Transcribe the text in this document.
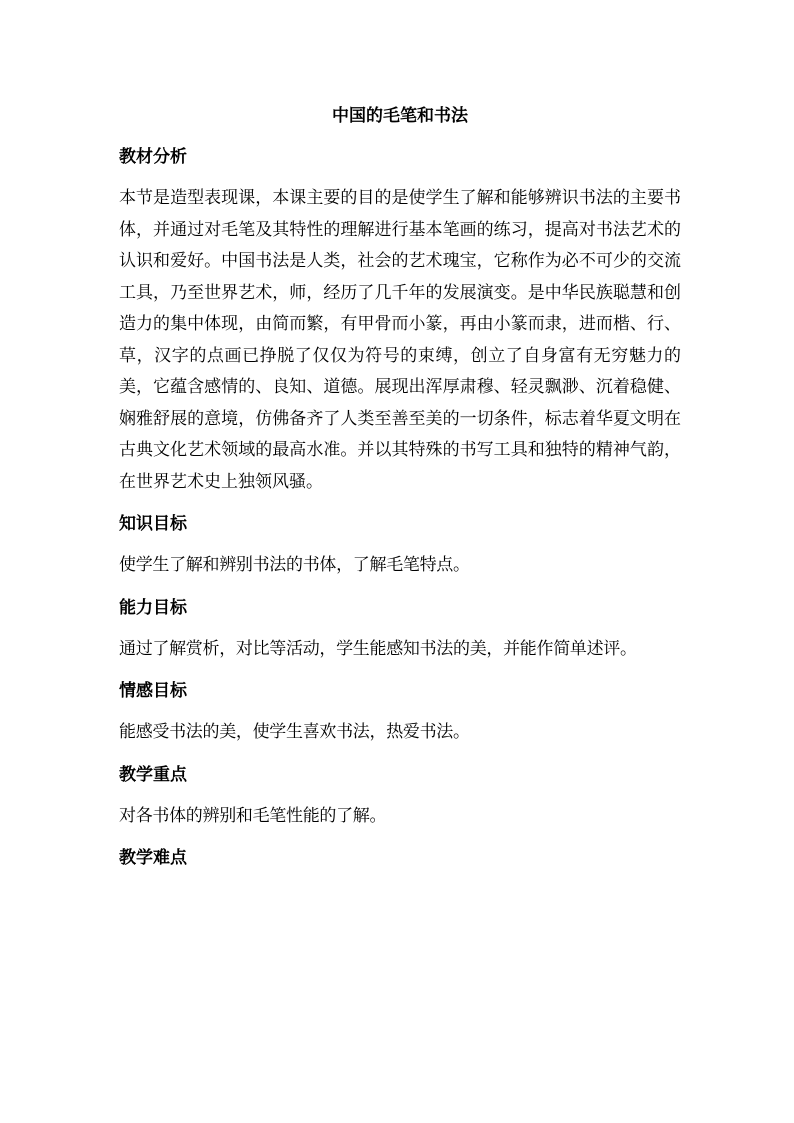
中国的毛笔和书法
教材分析
本节是造型表现课，本课主要的目的是使学生了解和能够辨识书法的主要书体，并通过对毛笔及其特性的理解进行基本笔画的练习，提高对书法艺术的认识和爱好。中国书法是人类，社会的艺术瑰宝，它称作为必不可少的交流工具，乃至世界艺术，师，经历了几千年的发展演变。是中华民族聪慧和创造力的集中体现，由简而繁，有甲骨而小篆，再由小篆而隶，进而楷、行、草，汉字的点画已挣脱了仅仅为符号的束缚，创立了自身富有无穷魅力的美，它蕴含感情的、良知、道德。展现出浑厚肃穆、轻灵飘渺、沉着稳健、娴雅舒展的意境，仿佛备齐了人类至善至美的一切条件，标志着华夏文明在古典文化艺术领域的最高水准。并以其特殊的书写工具和独特的精神气韵，在世界艺术史上独领风骚。
知识目标
使学生了解和辨别书法的书体，了解毛笔特点。
能力目标
通过了解赏析，对比等活动，学生能感知书法的美，并能作简单述评。
情感目标
能感受书法的美，使学生喜欢书法，热爱书法。
教学重点
对各书体的辨别和毛笔性能的了解。
教学难点
